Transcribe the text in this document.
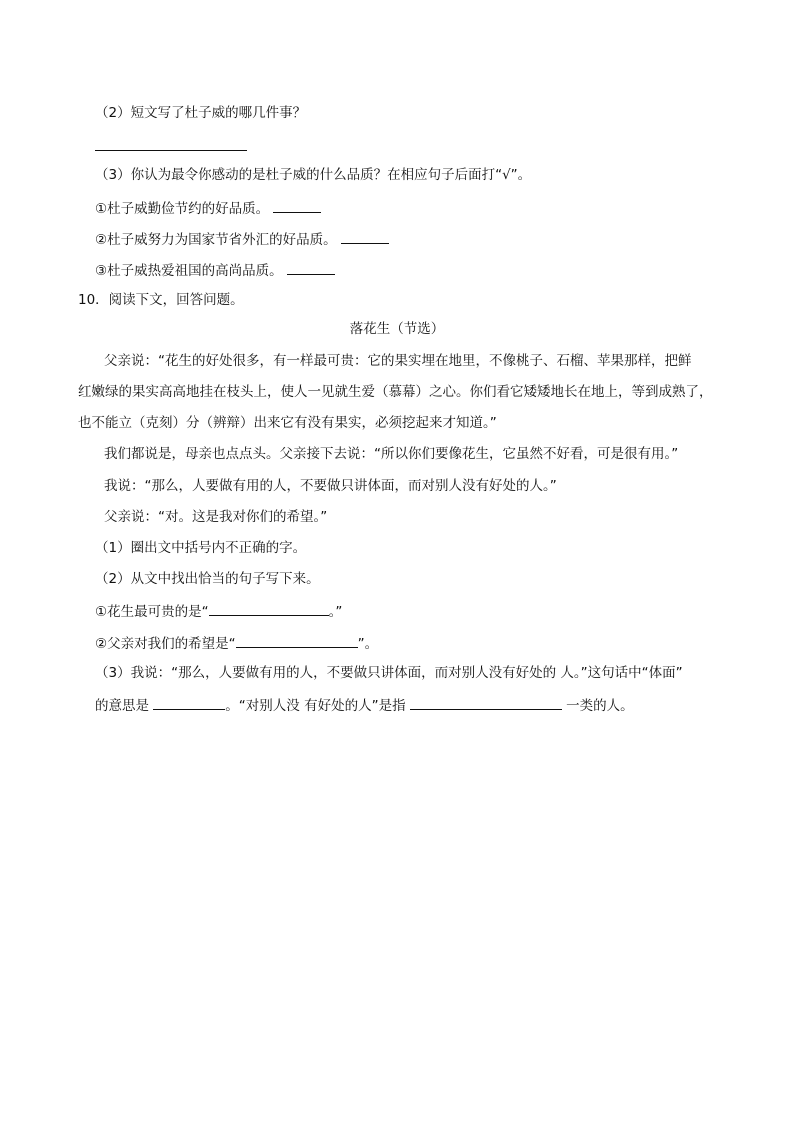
（2）短文写了杜子威的哪几件事？
（3）你认为最令你感动的是杜子威的什么品质？在相应句子后面打“√”。
①杜子威勤俭节约的好品质。
②杜子威努力为国家节省外汇的好品质。
③杜子威热爱祖国的高尚品质。
10．阅读下文，回答问题。
落花生（节选）
父亲说：“花生的好处很多，有一样最可贵：它的果实埋在地里，不像桃子、石榴、苹果那样，把鲜
红嫩绿的果实高高地挂在枝头上，使人一见就生爱（慕幕）之心。你们看它矮矮地长在地上，等到成熟了，
也不能立（克刻）分（辨辩）出来它有没有果实，必须挖起来才知道。”
我们都说是，母亲也点点头。父亲接下去说：“所以你们要像花生，它虽然不好看，可是很有用。”
我说：“那么，人要做有用的人，不要做只讲体面，而对别人没有好处的人。”
父亲说：“对。这是我对你们的希望。”
（1）圈出文中括号内不正确的字。
（2）从文中找出恰当的句子写下来。
①花生最可贵的是“	。”
②父亲对我们的希望是“	”。
（3）我说：“那么，人要做有用的人，不要做只讲体面，而对别人没有好处的 人。”这句话中“体面”
的意思是	。“对别人没 有好处的人”是指	一类的人。
